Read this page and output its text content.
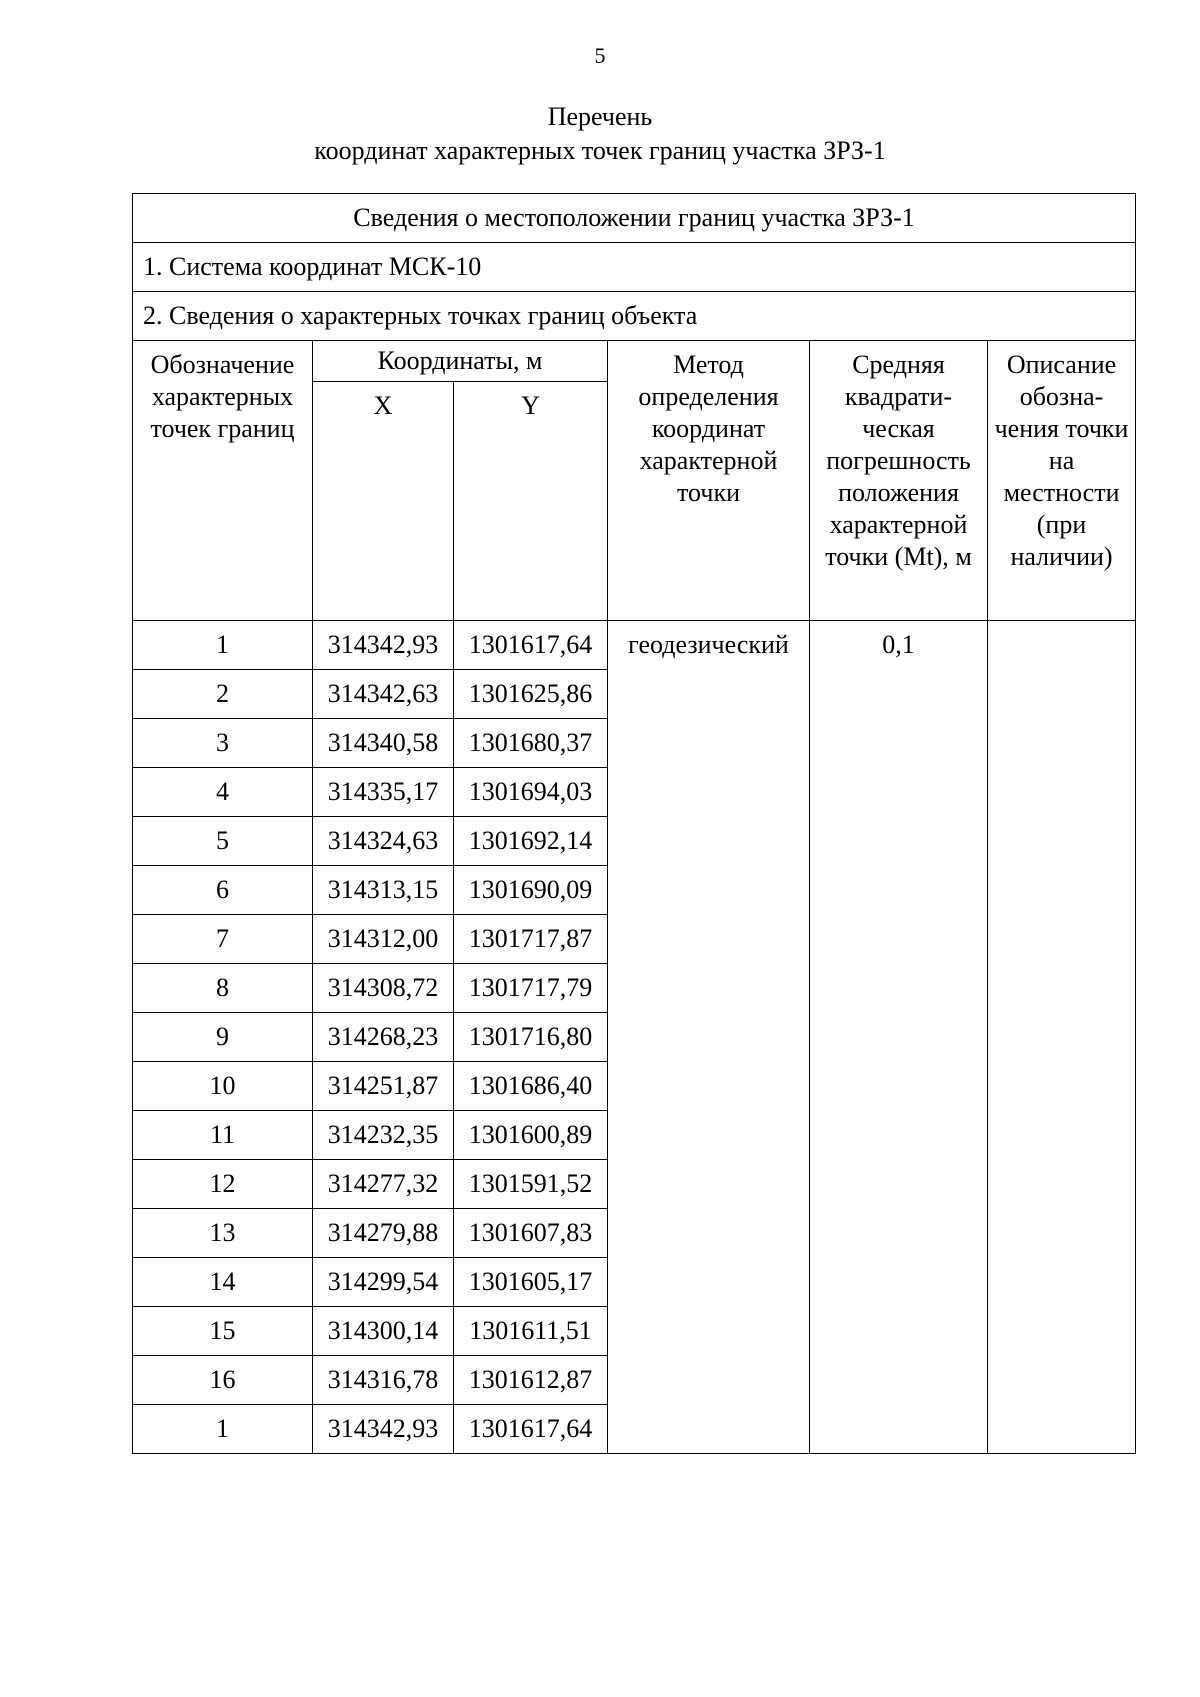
5
Перечень
координат характерных точек границ участка ЗРЗ-1
Сведения о местоположении границ участка ЗРЗ-1					
1. Система координат МСК-10					
2. Сведения о характерных точках границ объекта					
Обозначение характерных точек границ	Координаты, м		Метод определения координат характерной точки	Средняя квадрати-ческая погрешность положения характерной точки (Mt), м	Описание обозна-чения точки на местности (при наличии)
	X	Y			
1	314342,93	1301617,64	геодезический	0,1	
2	314342,63	1301625,86			
3	314340,58	1301680,37			
4	314335,17	1301694,03			
5	314324,63	1301692,14			
6	314313,15	1301690,09			
7	314312,00	1301717,87			
8	314308,72	1301717,79			
9	314268,23	1301716,80			
10	314251,87	1301686,40			
11	314232,35	1301600,89			
12	314277,32	1301591,52			
13	314279,88	1301607,83			
14	314299,54	1301605,17			
15	314300,14	1301611,51			
16	314316,78	1301612,87			
1	314342,93	1301617,64			
